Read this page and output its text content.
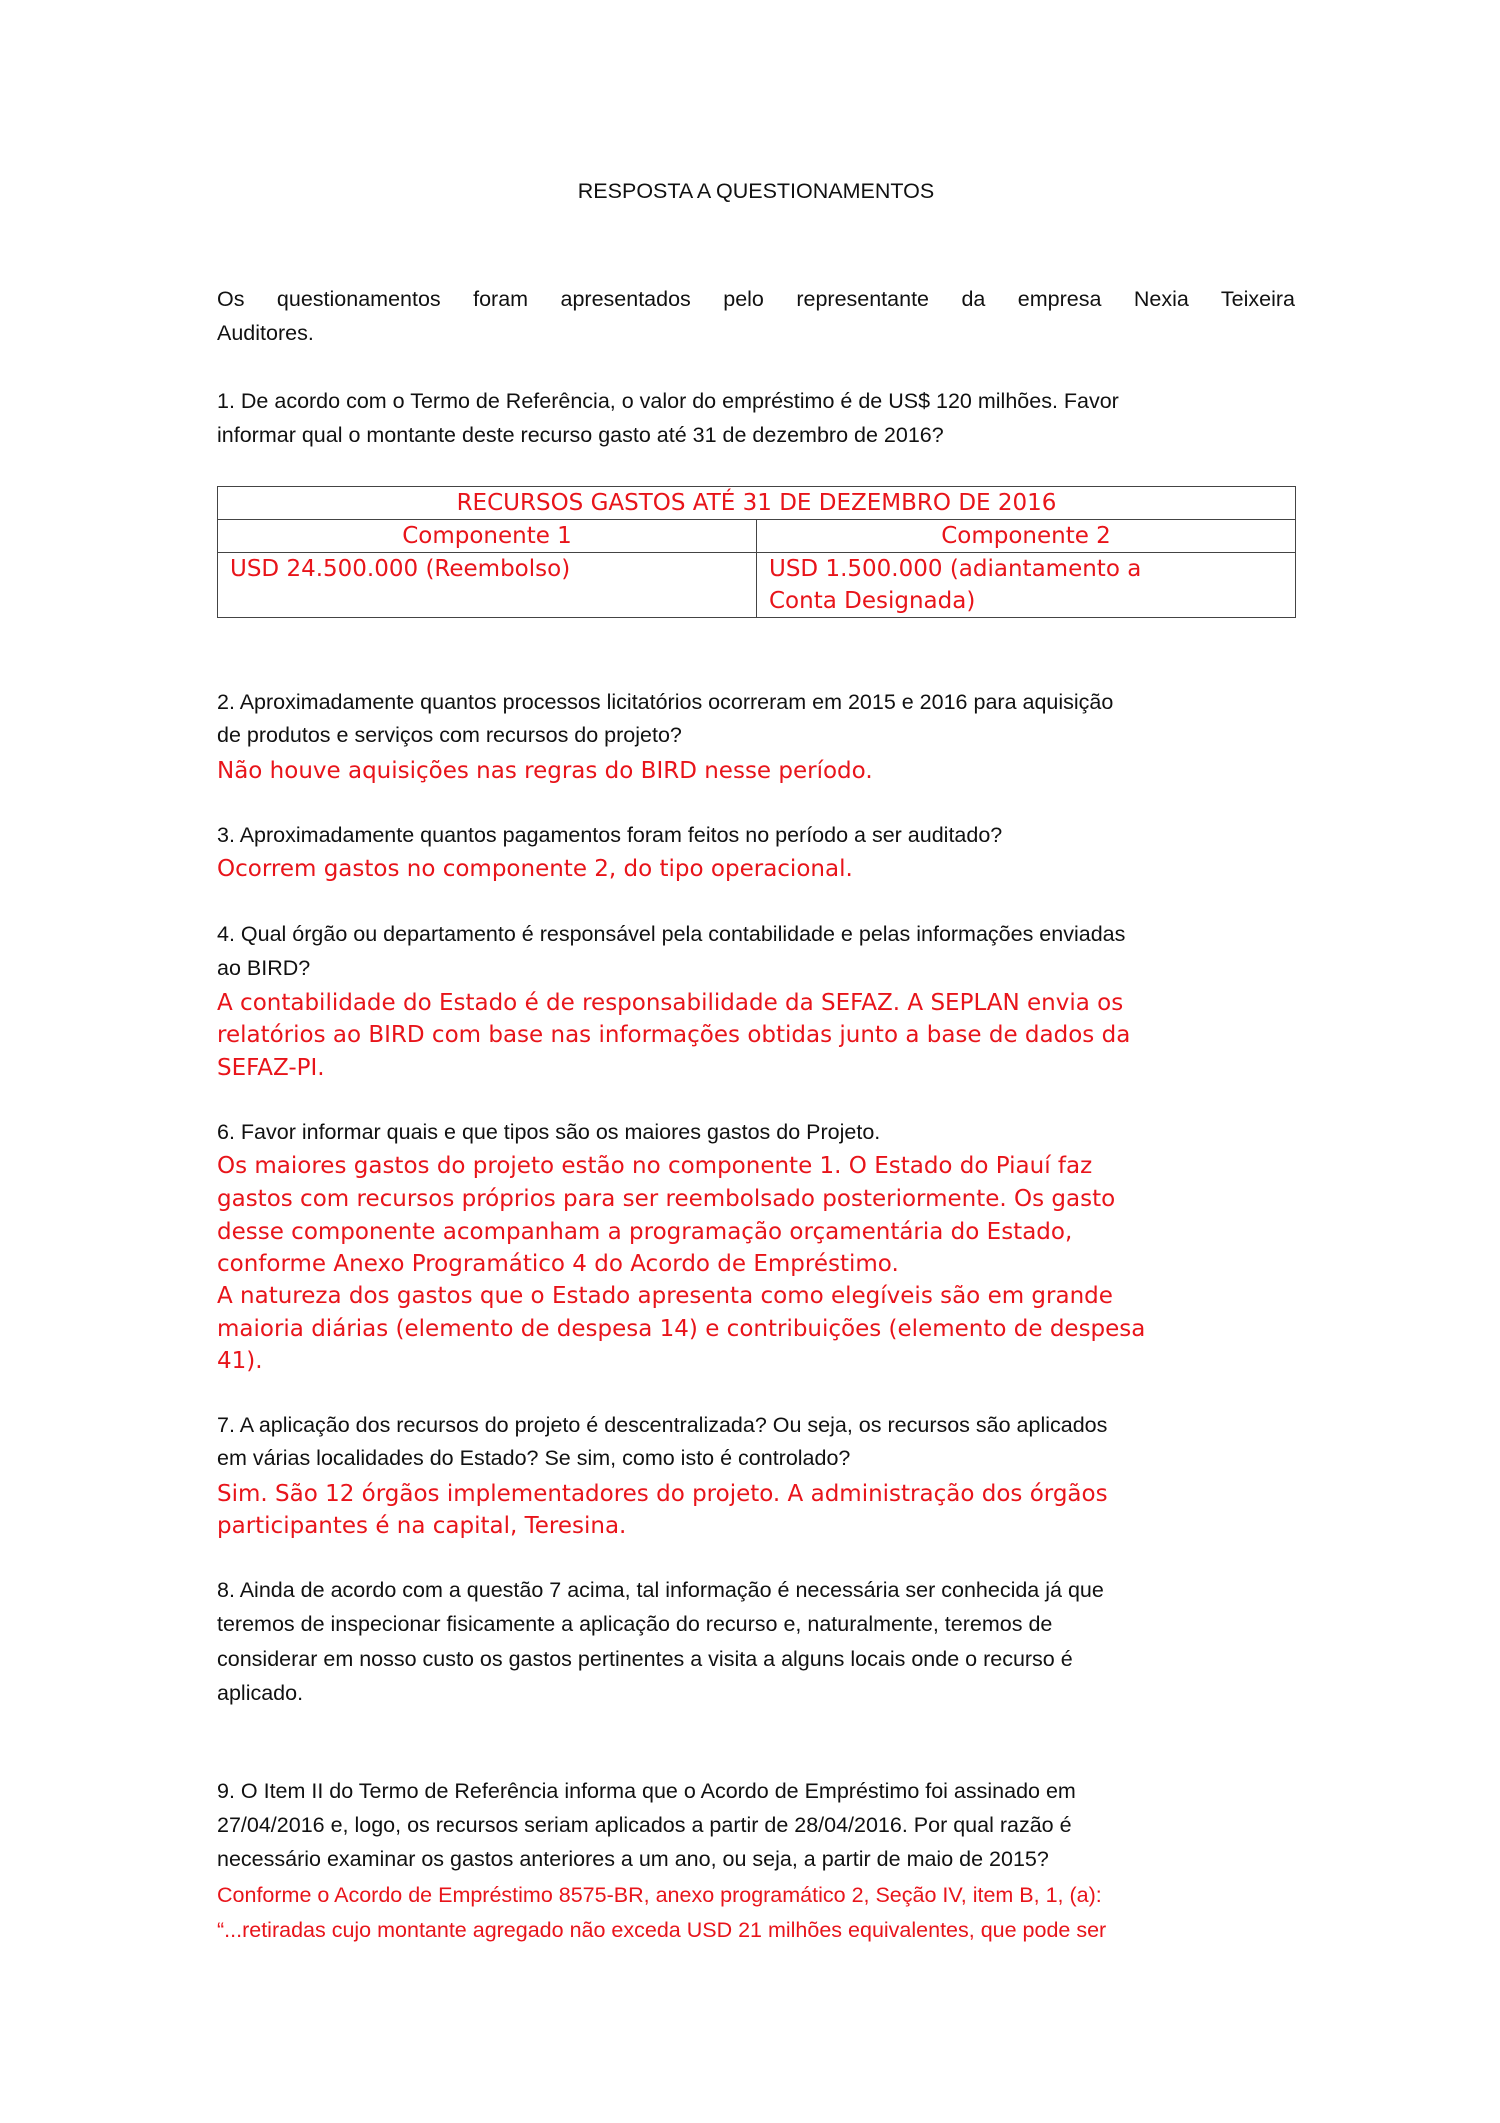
RESPOSTA A QUESTIONAMENTOS
RECURSOS GASTOS ATÉ 31 DE DEZEMBRO DE 2016	
Componente 1	Componente 2
USD 24.500.000 (Reembolso)	USD 1.500.000 (adiantamento a
Conta Designada)
Os questionamentos foram apresentados pelo representante da empresa Nexia Teixeira
Auditores.
1. De acordo com o Termo de Referência, o valor do empréstimo é de US$ 120 milhões. Favor
informar qual o montante deste recurso gasto até 31 de dezembro de 2016?
2. Aproximadamente quantos processos licitatórios ocorreram em 2015 e 2016 para aquisição
de produtos e serviços com recursos do projeto?
Não houve aquisições nas regras do BIRD nesse período.
3. Aproximadamente quantos pagamentos foram feitos no período a ser auditado?
Ocorrem gastos no componente 2, do tipo operacional.
4. Qual órgão ou departamento é responsável pela contabilidade e pelas informações enviadas
ao BIRD?
A contabilidade do Estado é de responsabilidade da SEFAZ. A SEPLAN envia os
relatórios ao BIRD com base nas informações obtidas junto a base de dados da
SEFAZ-PI.
6. Favor informar quais e que tipos são os maiores gastos do Projeto.
Os maiores gastos do projeto estão no componente 1. O Estado do Piauí faz
gastos com recursos próprios para ser reembolsado posteriormente. Os gasto
desse componente acompanham a programação orçamentária do Estado,
conforme Anexo Programático 4 do Acordo de Empréstimo.
A natureza dos gastos que o Estado apresenta como elegíveis são em grande
maioria diárias (elemento de despesa 14) e contribuições (elemento de despesa
41).
7. A aplicação dos recursos do projeto é descentralizada? Ou seja, os recursos são aplicados
em várias localidades do Estado? Se sim, como isto é controlado?
Sim. São 12 órgãos implementadores do projeto. A administração dos órgãos
participantes é na capital, Teresina.
8. Ainda de acordo com a questão 7 acima, tal informação é necessária ser conhecida já que
teremos de inspecionar fisicamente a aplicação do recurso e, naturalmente, teremos de
considerar em nosso custo os gastos pertinentes a visita a alguns locais onde o recurso é
aplicado.
9. O Item II do Termo de Referência informa que o Acordo de Empréstimo foi assinado em
27/04/2016 e, logo, os recursos seriam aplicados a partir de 28/04/2016. Por qual razão é
necessário examinar os gastos anteriores a um ano, ou seja, a partir de maio de 2015?
Conforme o Acordo de Empréstimo 8575-BR, anexo programático 2, Seção IV, item B, 1, (a):
“...retiradas cujo montante agregado não exceda USD 21 milhões equivalentes, que pode ser
